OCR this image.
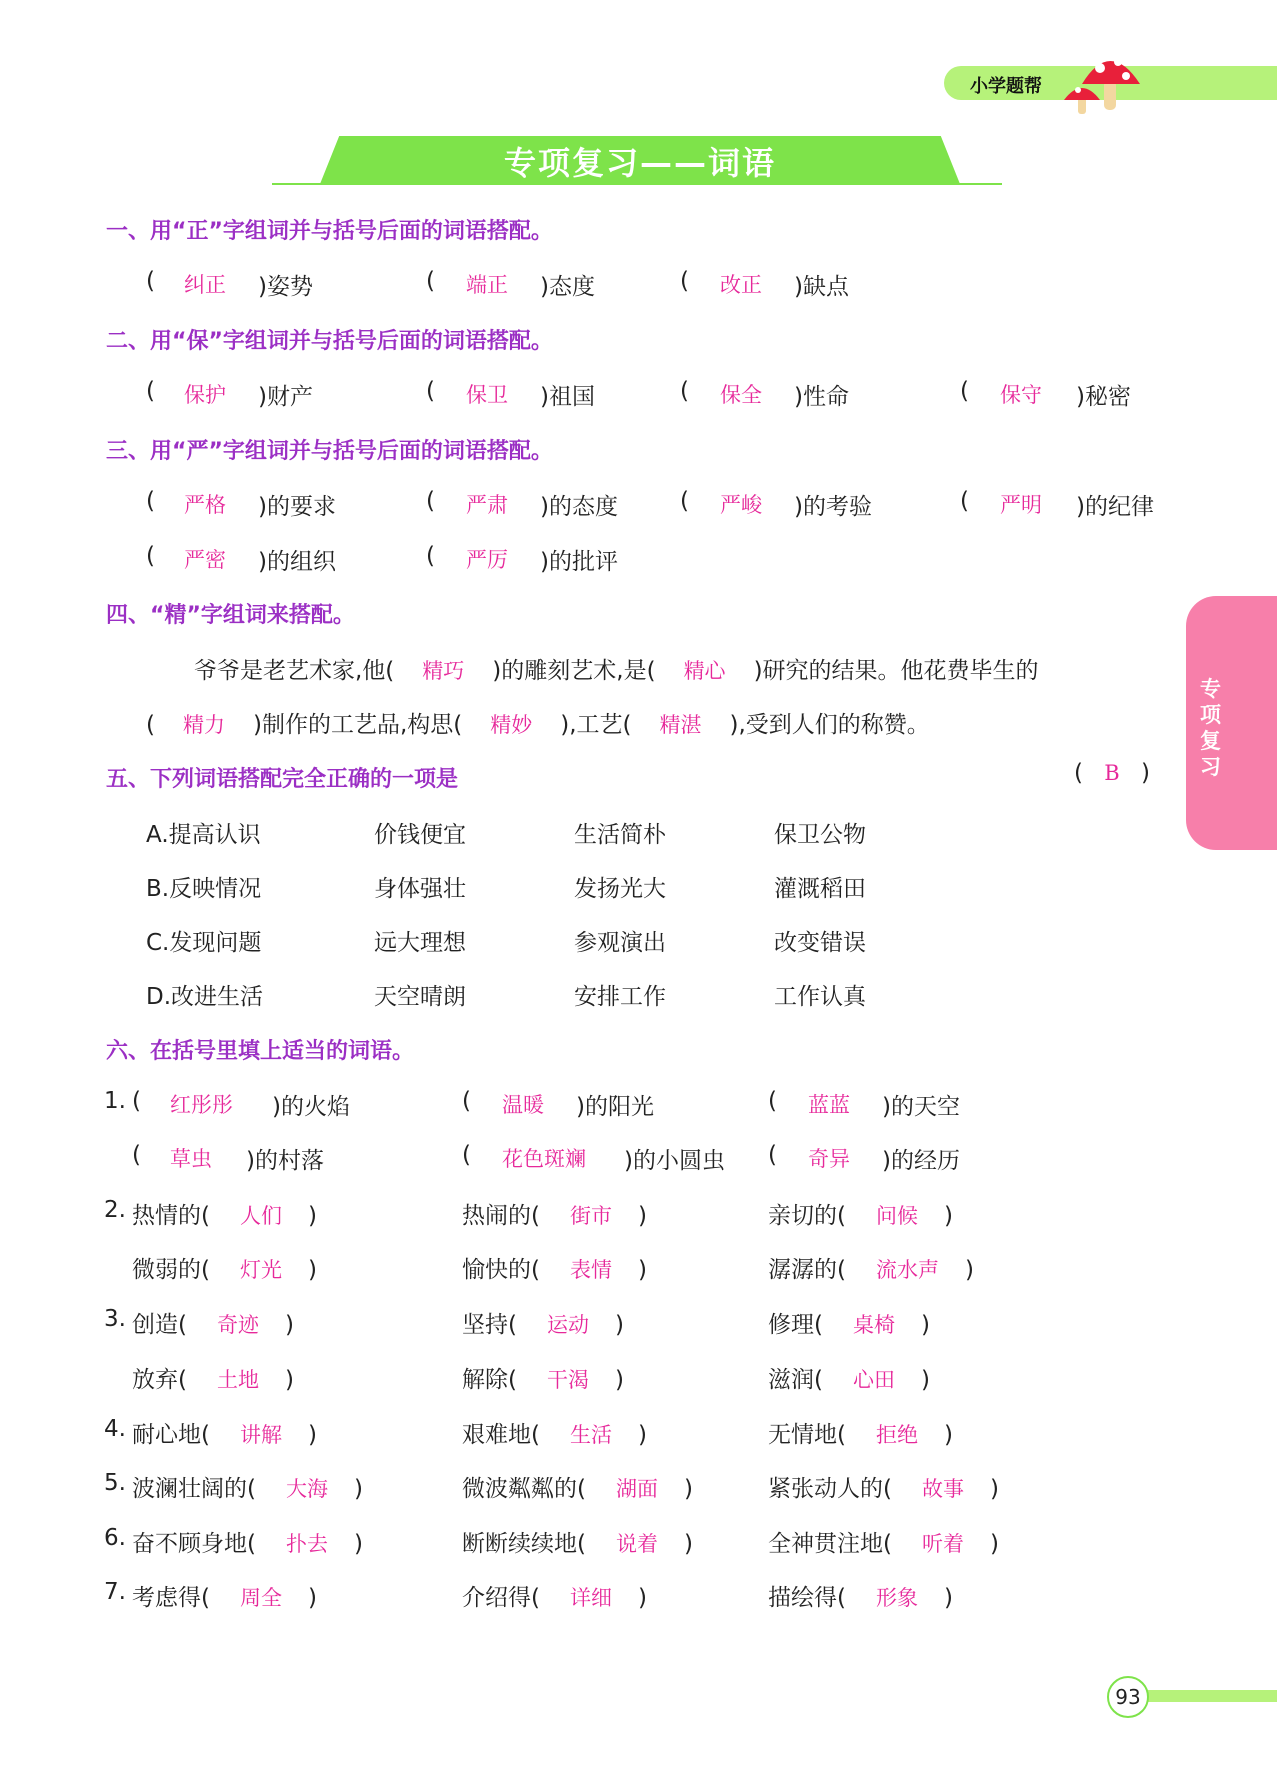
小学题帮
专项复习——词语
专项复习
一、用“正”字组词并与括号后面的词语搭配。
( 纠正 )姿势	( 端正 )态度	( 改正 )缺点
二、用“保”字组词并与括号后面的词语搭配。
( 保护 )财产	( 保卫 )祖国	( 保全 )性命	( 保守 )秘密
三、用“严”字组词并与括号后面的词语搭配。
( 严格 )的要求	( 严肃 )的态度	( 严峻 )的考验	( 严明 )的纪律
( 严密 )的组织	( 严厉 )的批评
四、“精”字组词来搭配。
爷爷是老艺术家,他( 精巧 )的雕刻艺术,是( 精心 )研究的结果。他花费毕生的
( 精力 )制作的工艺品,构思( 精妙 ),工艺( 精湛 ),受到人们的称赞。
五、下列词语搭配完全正确的一项是	( B )
A.提高认识	价钱便宜	生活简朴	保卫公物
B.反映情况	身体强壮	发扬光大	灌溉稻田
C.发现问题	远大理想	参观演出	改变错误
D.改进生活	天空晴朗	安排工作	工作认真
六、在括号里填上适当的词语。
1. ( 红彤彤 )的火焰	( 温暖 )的阳光	( 蓝蓝 )的天空
( 草虫 )的村落	( 花色斑斓 )的小圆虫 ( 奇异 )的经历
2. 热情的( 人们 )	热闹的( 街市 )	亲切的( 问候 )
微弱的( 灯光 )	愉快的( 表情 )	潺潺的( 流水声 )
3. 创造( 奇迹 )	坚持( 运动 )	修理( 桌椅 )
放弃( 土地 )	解除( 干渴 )	滋润( 心田 )
4. 耐心地( 讲解 )	艰难地( 生活 )	无情地( 拒绝 )
5. 波澜壮阔的( 大海 )	微波粼粼的( 湖面 )	紧张动人的( 故事 )
6. 奋不顾身地( 扑去 )	断断续续地( 说着 )	全神贯注地( 听着 )
7. 考虑得( 周全 )	介绍得( 详细 )	描绘得( 形象 )
93
